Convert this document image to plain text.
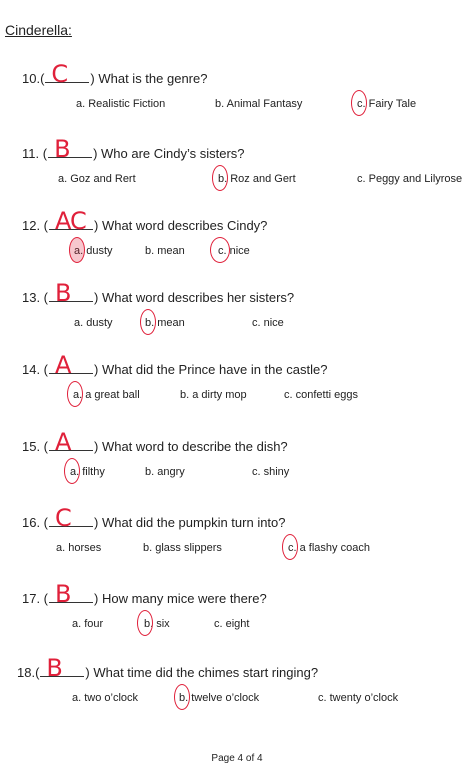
Cinderella:
10.( C ) What is the genre?
a. Realistic Fiction	b. Animal Fantasy	c. Fairy Tale
11. ( B ) Who are Cindy’s sisters?
a. Goz and Rert	b. Roz and Gert	c. Peggy and Lilyrose
12. ( AC ) What word describes Cindy?
a. dusty	b. mean	c. nice
13. ( B ) What word describes her sisters?
a. dusty	b. mean	c. nice
14. ( A ) What did the Prince have in the castle?
a. a great ball	b. a dirty mop	c. confetti eggs
15. ( A ) What word to describe the dish?
a. filthy	b. angry	c. shiny
16. ( C ) What did the pumpkin turn into?
a. horses	b. glass slippers	c. a flashy coach
17. ( B ) How many mice were there?
a. four	b. six	c. eight
18.( B ) What time did the chimes start ringing?
a. two o’clock	b. twelve o’clock	c. twenty o’clock
Page 4 of 4
